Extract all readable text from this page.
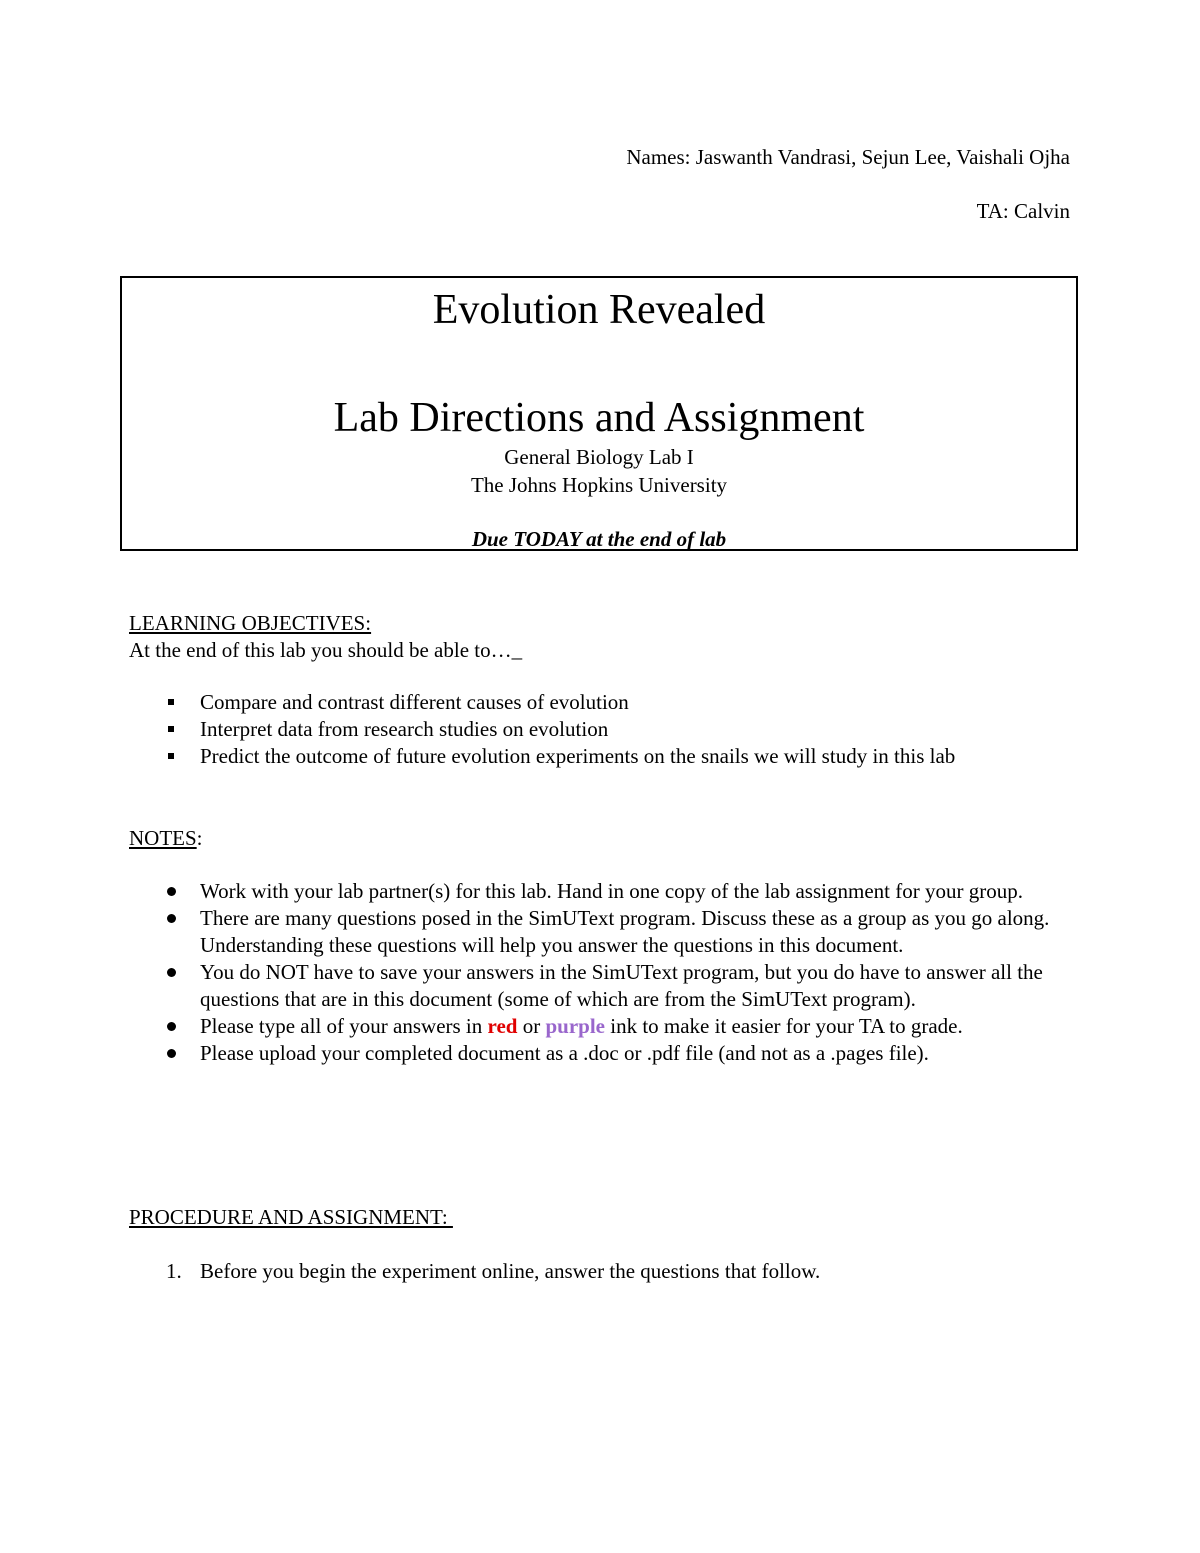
Names: Jaswanth Vandrasi, Sejun Lee, Vaishali Ojha
TA: Calvin
Evolution Revealed
Lab Directions and Assignment
General Biology Lab I
The Johns Hopkins University
Due TODAY at the end of lab
LEARNING OBJECTIVES:
At the end of this lab you should be able to…_
Compare and contrast different causes of evolution
Interpret data from research studies on evolution
Predict the outcome of future evolution experiments on the snails we will study in this lab
NOTES:
Work with your lab partner(s) for this lab. Hand in one copy of the lab assignment for your group.
There are many questions posed in the SimUText program. Discuss these as a group as you go along. Understanding these questions will help you answer the questions in this document.
You do NOT have to save your answers in the SimUText program, but you do have to answer all the questions that are in this document (some of which are from the SimUText program).
Please type all of your answers in red or purple ink to make it easier for your TA to grade.
Please upload your completed document as a .doc or .pdf file (and not as a .pages file).
PROCEDURE AND ASSIGNMENT:
1. Before you begin the experiment online, answer the questions that follow.
